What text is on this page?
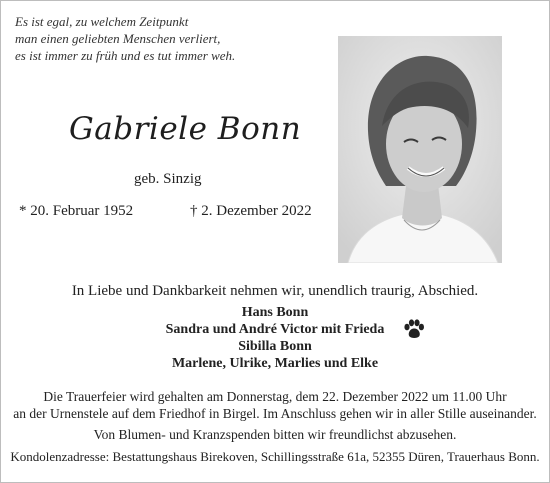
Es ist egal, zu welchem Zeitpunkt
man einen geliebten Menschen verliert,
es ist immer zu früh und es tut immer weh.
Gabriele Bonn
geb. Sinzig
* 20. Februar 1952	† 2. Dezember 2022
In Liebe und Dankbarkeit nehmen wir, unendlich traurig, Abschied.
Hans Bonn
Sandra und André Victor mit Frieda
Sibilla Bonn
Marlene, Ulrike, Marlies und Elke
Die Trauerfeier wird gehalten am Donnerstag, dem 22. Dezember 2022 um 11.00 Uhr
an der Urnenstele auf dem Friedhof in Birgel. Im Anschluss gehen wir in aller Stille auseinander.
Von Blumen- und Kranzspenden bitten wir freundlichst abzusehen.
Kondolenzadresse: Bestattungshaus Birekoven, Schillingsstraße 61a, 52355 Düren, Trauerhaus Bonn.
